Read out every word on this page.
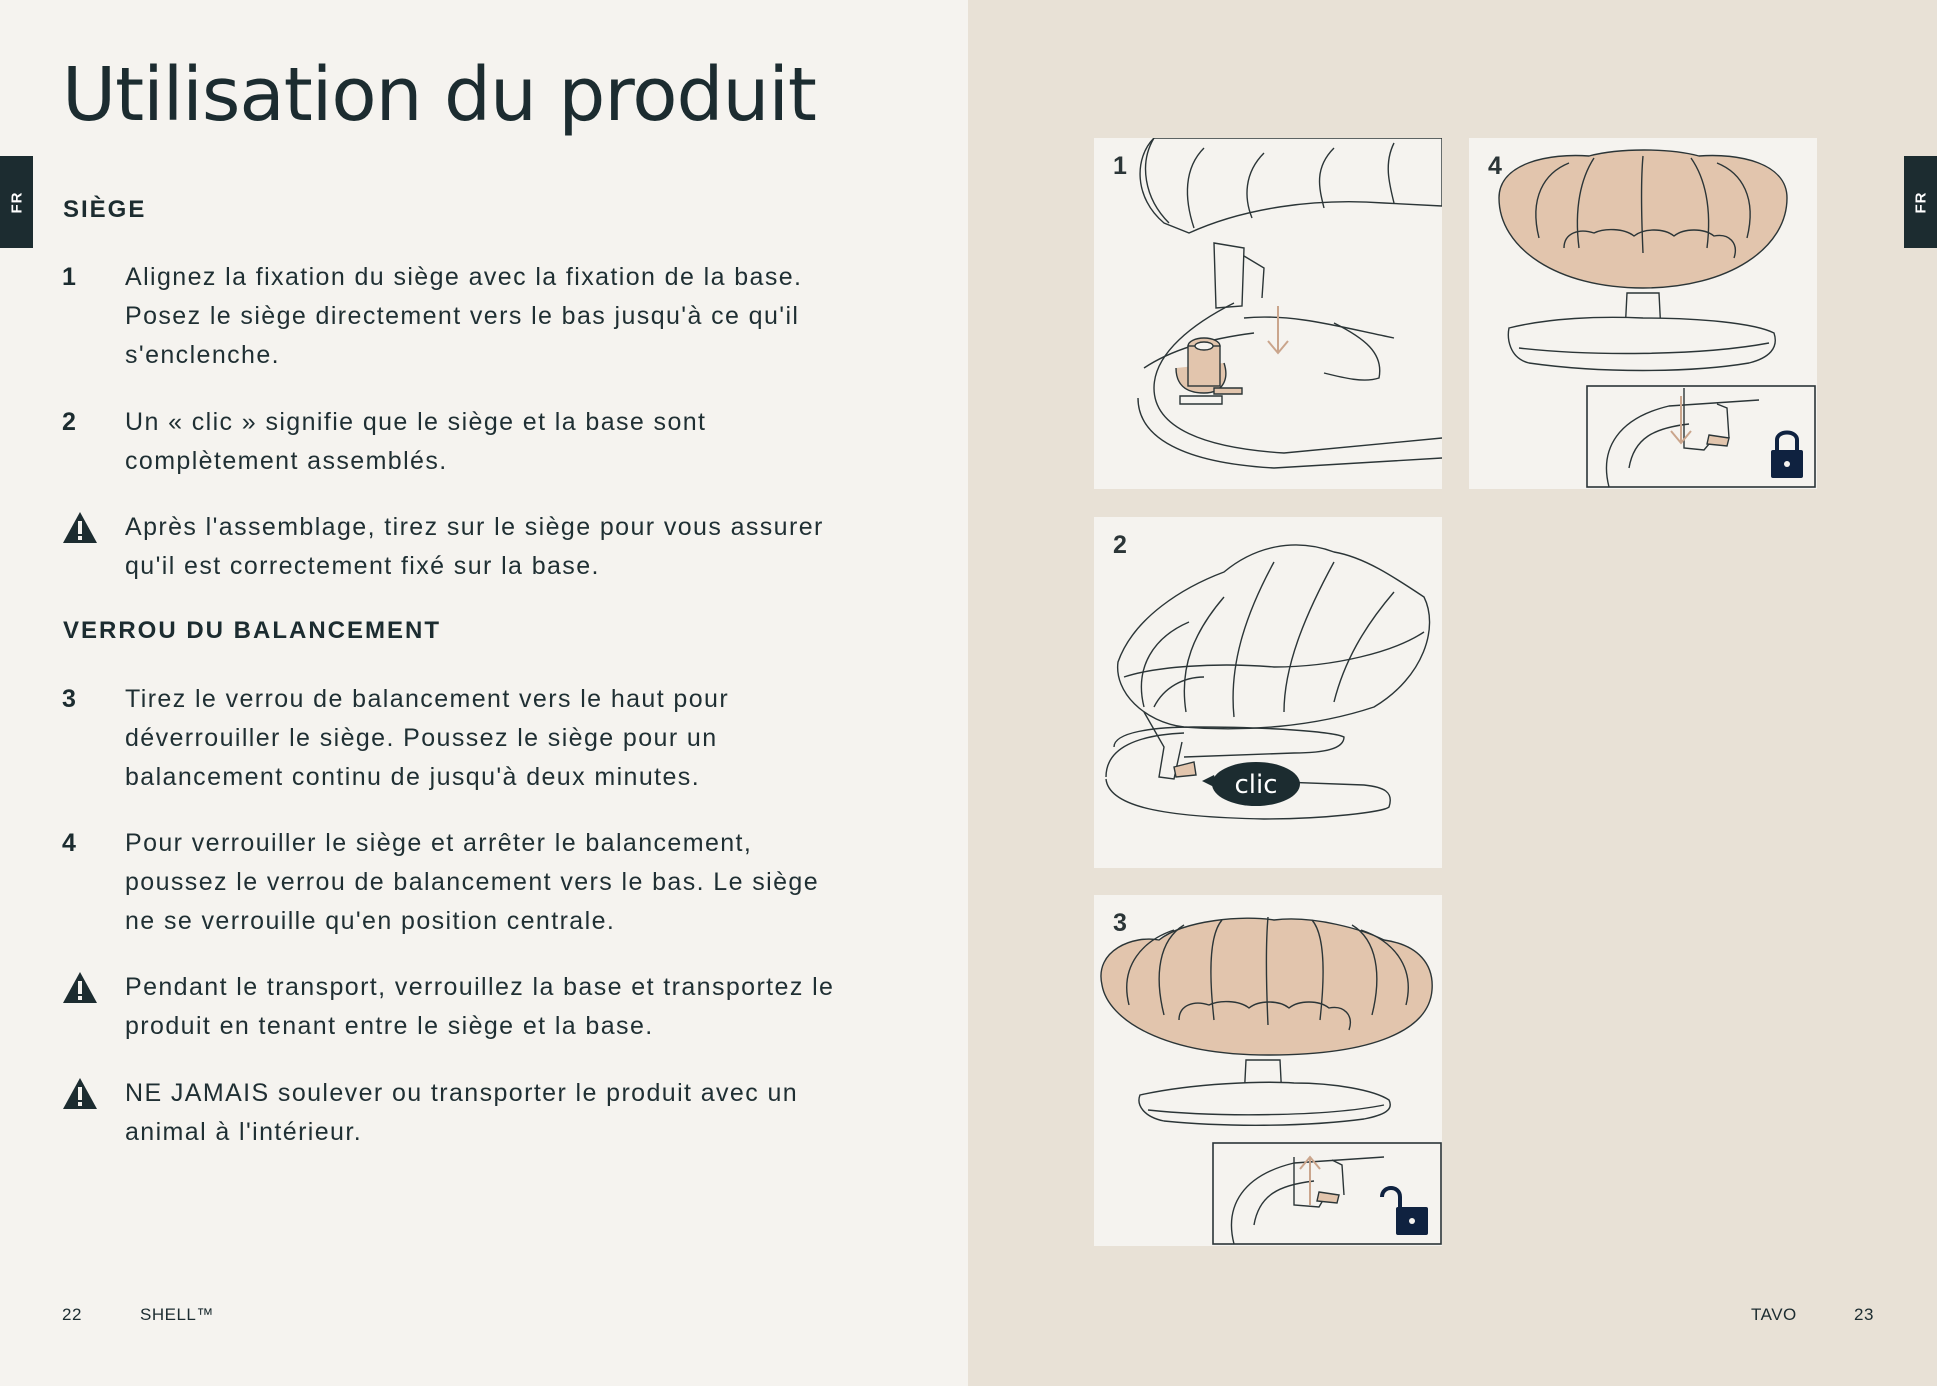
FR
Utilisation du produit
SIÈGE
1	Alignez la fixation du siège avec la fixation de la base.
Posez le siège directement vers le bas jusqu'à ce qu'il
s'enclenche.
2	Un « clic » signifie que le siège et la base sont
complètement assemblés.
Après l'assemblage, tirez sur le siège pour vous assurer
qu'il est correctement fixé sur la base.
VERROU DU BALANCEMENT
3	Tirez le verrou de balancement vers le haut pour
déverrouiller le siège. Poussez le siège pour un
balancement continu de jusqu'à deux minutes.
4	Pour verrouiller le siège et arrêter le balancement,
poussez le verrou de balancement vers le bas. Le siège
ne se verrouille qu'en position centrale.
Pendant le transport, verrouillez la base et transportez le
produit en tenant entre le siège et la base.
NE JAMAIS soulever ou transporter le produit avec un
animal à l'intérieur.
22	SHELL™	TAVO	23
FR
1	4
2
clic
3
